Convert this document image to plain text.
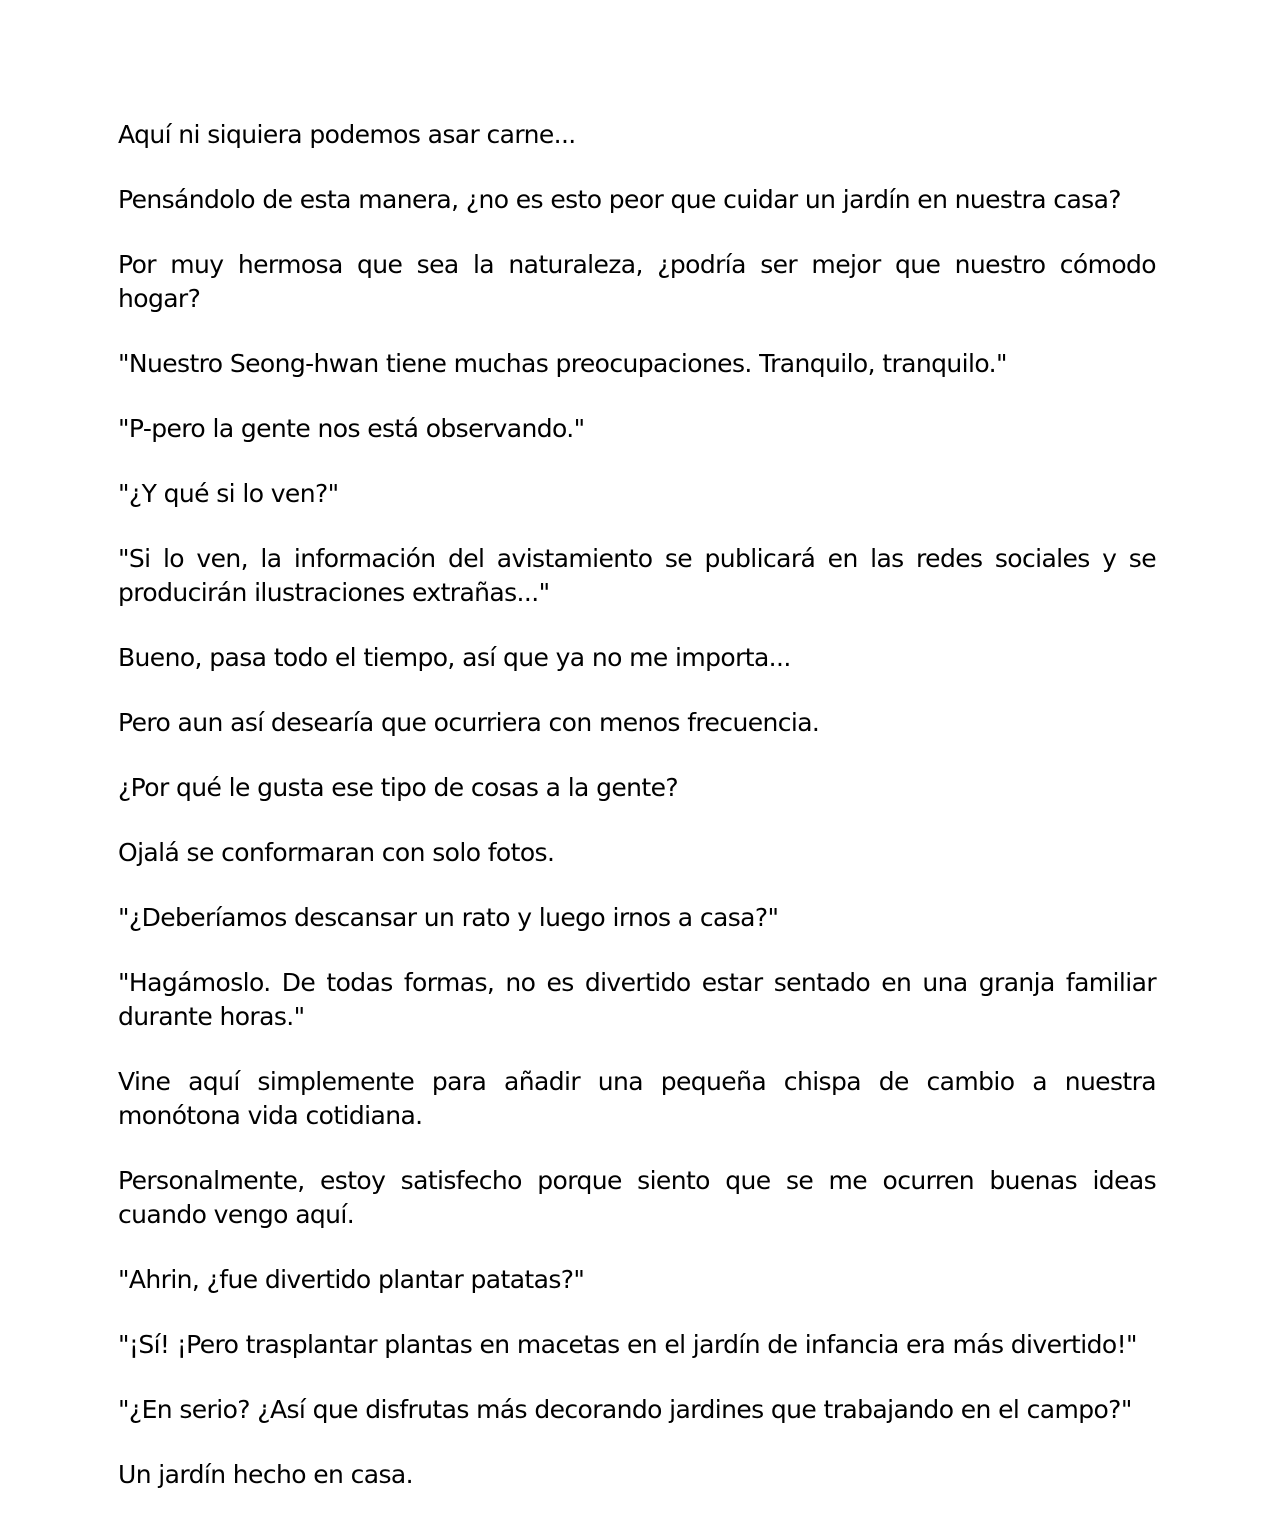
Aquí ni siquiera podemos asar carne...

Pensándolo de esta manera, ¿no es esto peor que cuidar un jardín en nuestra casa?

Por muy hermosa que sea la naturaleza, ¿podría ser mejor que nuestro cómodo hogar?

"Nuestro Seong-hwan tiene muchas preocupaciones. Tranquilo, tranquilo."

"P-pero la gente nos está observando."

"¿Y qué si lo ven?"

"Si lo ven, la información del avistamiento se publicará en las redes sociales y se producirán ilustraciones extrañas..."

Bueno, pasa todo el tiempo, así que ya no me importa...

Pero aun así desearía que ocurriera con menos frecuencia.

¿Por qué le gusta ese tipo de cosas a la gente?

Ojalá se conformaran con solo fotos.

"¿Deberíamos descansar un rato y luego irnos a casa?"

"Hagámoslo. De todas formas, no es divertido estar sentado en una granja familiar durante horas."

Vine aquí simplemente para añadir una pequeña chispa de cambio a nuestra monótona vida cotidiana.

Personalmente, estoy satisfecho porque siento que se me ocurren buenas ideas cuando vengo aquí.

"Ahrin, ¿fue divertido plantar patatas?"

"¡Sí! ¡Pero trasplantar plantas en macetas en el jardín de infancia era más divertido!"

"¿En serio? ¿Así que disfrutas más decorando jardines que trabajando en el campo?"

Un jardín hecho en casa.
